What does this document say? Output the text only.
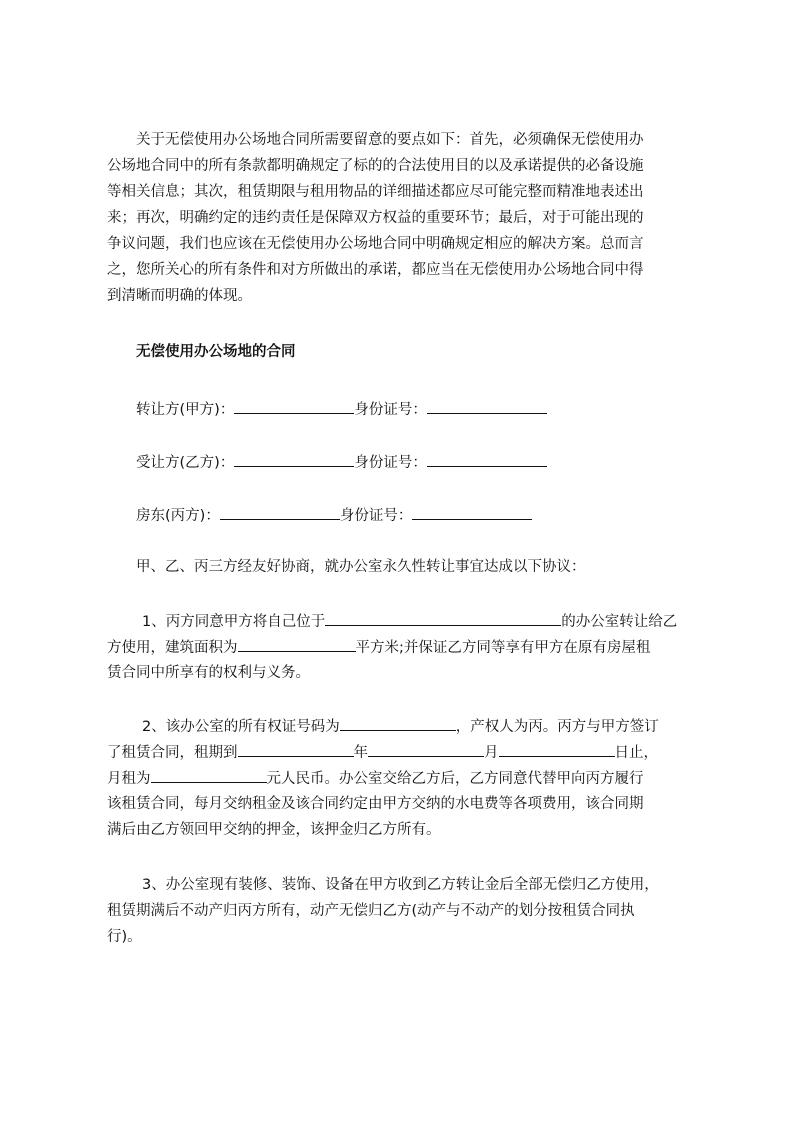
关于无偿使用办公场地合同所需要留意的要点如下：首先，必须确保无偿使用办
公场地合同中的所有条款都明确规定了标的的合法使用目的以及承诺提供的必备设施
等相关信息；其次，租赁期限与租用物品的详细描述都应尽可能完整而精准地表述出
来；再次，明确约定的违约责任是保障双方权益的重要环节；最后，对于可能出现的
争议问题，我们也应该在无偿使用办公场地合同中明确规定相应的解决方案。总而言
之，您所关心的所有条件和对方所做出的承诺，都应当在无偿使用办公场地合同中得
到清晰而明确的体现。
无偿使用办公场地的合同
转让方(甲方)：	身份证号：
受让方(乙方)：	身份证号：
房东(丙方)：	身份证号：
甲、乙、丙三方经友好协商，就办公室永久性转让事宜达成以下协议：
1、丙方同意甲方将自己位于	的办公室转让给乙
方使用，建筑面积为	平方米;并保证乙方同等享有甲方在原有房屋租
赁合同中所享有的权利与义务。
2、该办公室的所有权证号码为	，产权人为丙。丙方与甲方签订
了租赁合同，租期到	年	月	日止，
月租为	元人民币。办公室交给乙方后，乙方同意代替甲向丙方履行
该租赁合同，每月交纳租金及该合同约定由甲方交纳的水电费等各项费用，该合同期
满后由乙方领回甲交纳的押金，该押金归乙方所有。
3、办公室现有装修、装饰、设备在甲方收到乙方转让金后全部无偿归乙方使用，
租赁期满后不动产归丙方所有，动产无偿归乙方(动产与不动产的划分按租赁合同执
行)。
